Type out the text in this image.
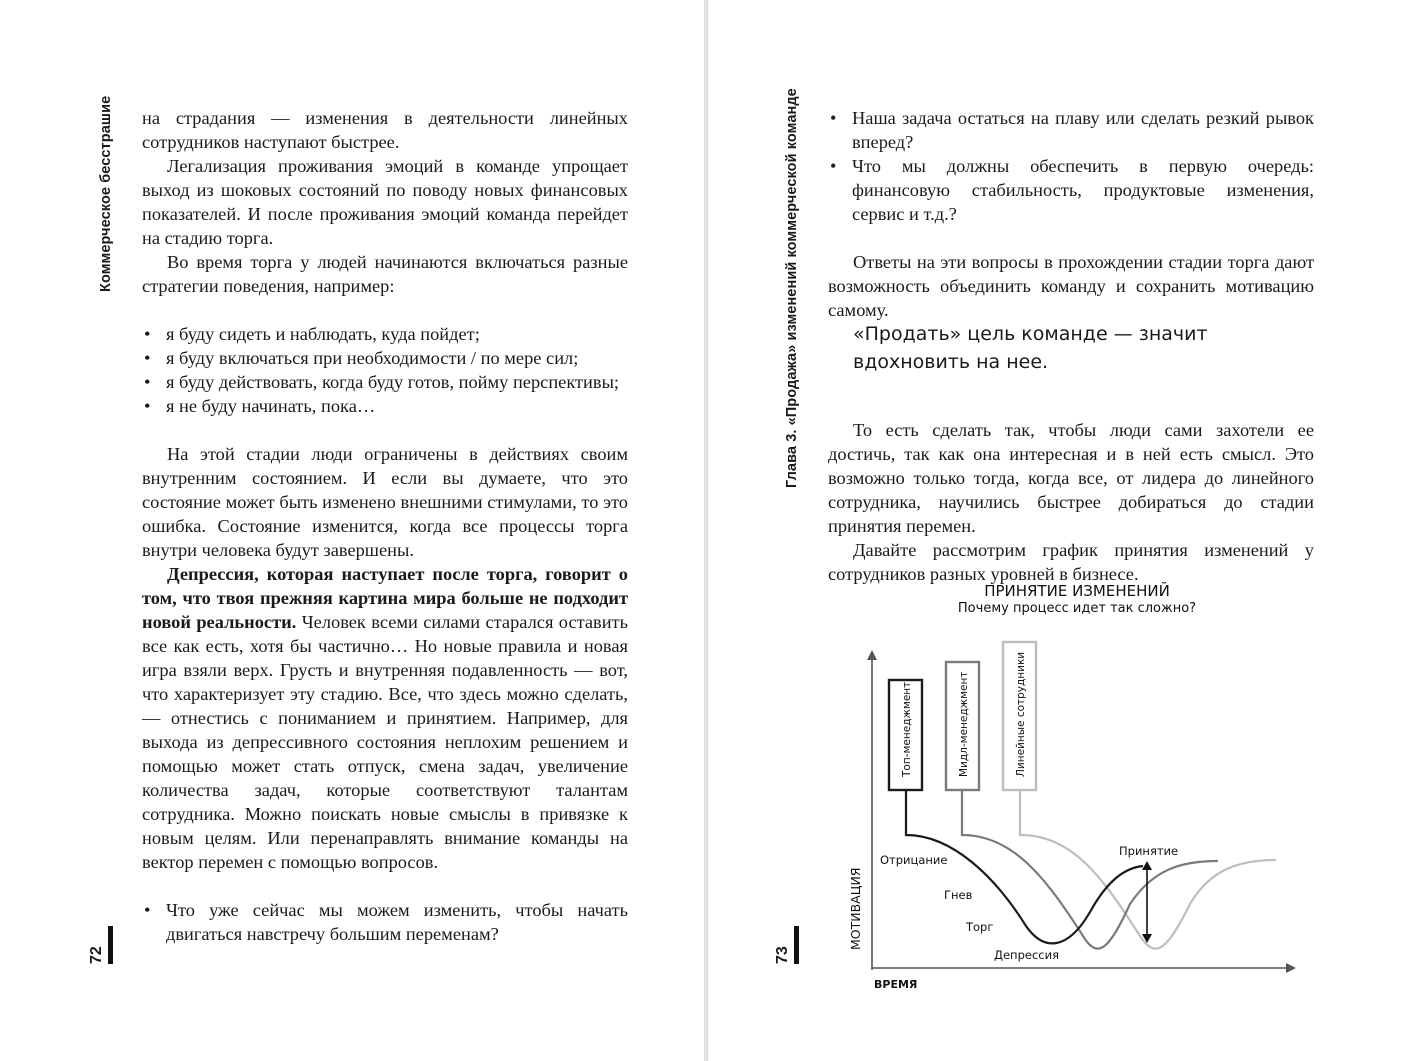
Коммерческое бесстрашие
72

на страдания — изменения в деятельности линейных сотрудников наступают быстрее.

Легализация проживания эмоций в команде упрощает выход из шоковых состояний по поводу новых финансовых показателей. И после проживания эмоций команда перейдет на стадию торга.

Во время торга у людей начинаются включаться разные стратегии поведения, например:

• я буду сидеть и наблюдать, куда пойдет;
• я буду включаться при необходимости / по мере сил;
• я буду действовать, когда буду готов, пойму перспективы;
• я не буду начинать, пока…

На этой стадии люди ограничены в действиях своим внутренним состоянием. И если вы думаете, что это состояние может быть изменено внешними стимулами, то это ошибка. Состояние изменится, когда все процессы торга внутри человека будут завершены.

Депрессия, которая наступает после торга, говорит о том, что твоя прежняя картина мира больше не подходит новой реальности. Человек всеми силами старался оставить все как есть, хотя бы частично… Но новые правила и новая игра взяли верх. Грусть и внутренняя подавленность — вот, что характеризует эту стадию. Все, что здесь можно сделать, — отнестись с пониманием и принятием. Например, для выхода из депрессивного состояния неплохим решением и помощью может стать отпуск, смена задач, увеличение количества задач, которые соответствуют талантам сотрудника. Можно поискать новые смыслы в привязке к новым целям. Или перенаправлять внимание команды на вектор перемен с помощью вопросов.

• Что уже сейчас мы можем изменить, чтобы начать двигаться навстречу большим переменам?
Глава 3. «Продажа» изменений коммерческой команде
73
• Наша задача остаться на плаву или сделать резкий рывок вперед?
• Что мы должны обеспечить в первую очередь: финансовую стабильность, продуктовые изменения, сервис и т.д.?

Ответы на эти вопросы в прохождении стадии торга дают возможность объединить команду и сохранить мотивацию самому.

То есть сделать так, чтобы люди сами захотели ее достичь, так как она интересная и в ней есть смысл. Это возможно только тогда, когда все, от лидера до линейного сотрудника, научились быстрее добираться до стадии принятия перемен.

Давайте рассмотрим график принятия изменений у сотрудников разных уровней в бизнесе.

«Продать» цель команде — значит вдохновить на нее.
ПРИНЯТИЕ ИЗМЕНЕНИЙ
Почему процесс идет так сложно?
МОТИВАЦИЯ
ВРЕМЯ
Топ-менеджмент	Мидл-менеджмент	Линейные сотрудники
Отрицание
Гнев
Торг
Депрессия
Принятие
